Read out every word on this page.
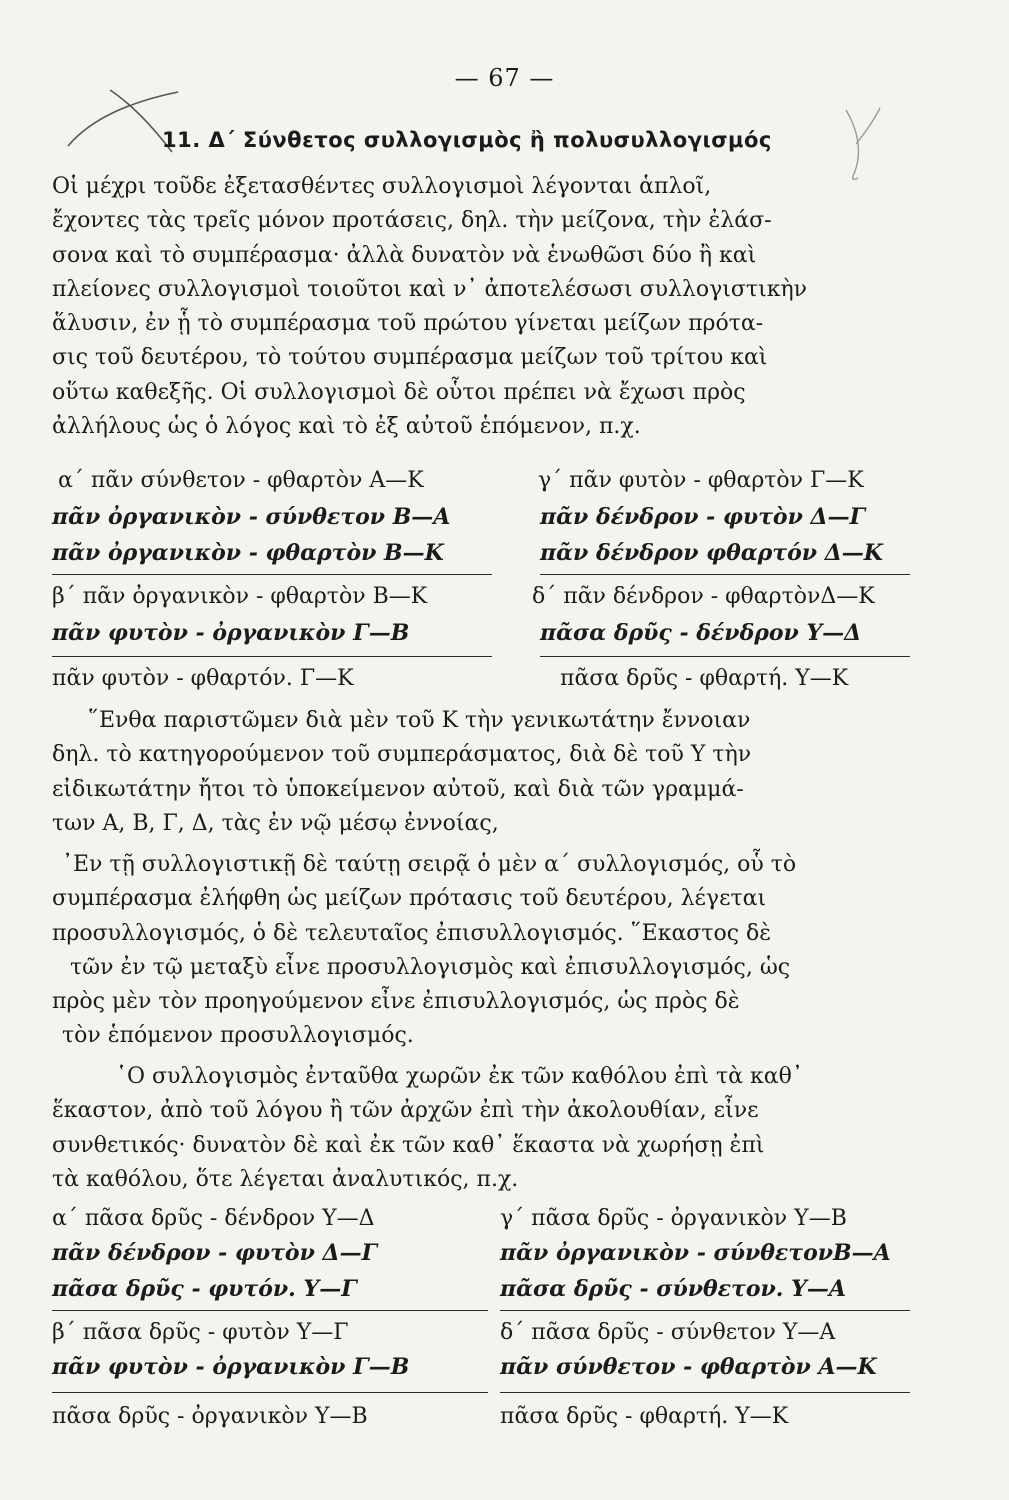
— 67 —
11. Δ΄ Σύνθετος συλλογισμὸς ἢ πολυσυλλογισμός
Οἱ μέχρι τοῦδε ἐξετασθέντες συλλογισμοὶ λέγονται ἁπλοῖ,
ἔχοντες τὰς τρεῖς μόνον προτάσεις, δηλ. τὴν μείζονα, τὴν ἐλάσ-
σονα καὶ τὸ συμπέρασμα· ἀλλὰ δυνατὸν νὰ ἑνωθῶσι δύο ἢ καὶ
πλείονες συλλογισμοὶ τοιοῦτοι καὶ ν᾿ ἀποτελέσωσι συλλογιστικὴν
ἅλυσιν, ἐν ᾗ τὸ συμπέρασμα τοῦ πρώτου γίνεται μείζων πρότα-
σις τοῦ δευτέρου, τὸ τούτου συμπέρασμα μείζων τοῦ τρίτου καὶ
οὕτω καθεξῆς. Οἱ συλλογισμοὶ δὲ οὗτοι πρέπει νὰ ἔχωσι πρὸς
ἀλλήλους ὡς ὁ λόγος καὶ τὸ ἐξ αὐτοῦ ἑπόμενον, π.χ.
α΄ πᾶν σύνθετον - φθαρτὸν Α—Κ
πᾶν ὀργανικὸν - σύνθετον Β—Α
πᾶν ὀργανικὸν - φθαρτὸν Β—Κ
γ΄ πᾶν φυτὸν - φθαρτὸν Γ—Κ
πᾶν δένδρον - φυτὸν Δ—Γ
πᾶν δένδρον φθαρτόν Δ—Κ
β΄ πᾶν ὀργανικὸν - φθαρτὸν Β—Κ
πᾶν φυτὸν - ὀργανικὸν Γ—Β
πᾶν φυτὸν - φθαρτόν. Γ—Κ
δ΄ πᾶν δένδρον - φθαρτὸνΔ—Κ
πᾶσα δρῦς - δένδρον Υ—Δ
πᾶσα δρῦς - φθαρτή. Υ—Κ
῞Ενθα παριστῶμεν διὰ μὲν τοῦ Κ τὴν γενικωτάτην ἔννοιαν
δηλ. τὸ κατηγορούμενον τοῦ συμπεράσματος, διὰ δὲ τοῦ Υ τὴν
εἰδικωτάτην ἤτοι τὸ ὑποκείμενον αὐτοῦ, καὶ διὰ τῶν γραμμά-
των Α, Β, Γ, Δ, τὰς ἐν νῷ μέσῳ ἐννοίας,
᾿Εν τῇ συλλογιστικῇ δὲ ταύτῃ σειρᾷ ὁ μὲν α΄ συλλογισμός, οὗ τὸ
συμπέρασμα ἐλήφθη ὡς μείζων πρότασις τοῦ δευτέρου, λέγεται
προσυλλογισμός, ὁ δὲ τελευταῖος ἐπισυλλογισμός. ῞Εκαστος δὲ
τῶν ἐν τῷ μεταξὺ εἶνε προσυλλογισμὸς καὶ ἐπισυλλογισμός, ὡς
πρὸς μὲν τὸν προηγούμενον εἶνε ἐπισυλλογισμός, ὡς πρὸς δὲ
τὸν ἑπόμενον προσυλλογισμός.
῾Ο συλλογισμὸς ἐνταῦθα χωρῶν ἐκ τῶν καθόλου ἐπὶ τὰ καθ᾿
ἕκαστον, ἀπὸ τοῦ λόγου ἢ τῶν ἀρχῶν ἐπὶ τὴν ἀκολουθίαν, εἶνε
συνθετικός· δυνατὸν δὲ καὶ ἐκ τῶν καθ᾿ ἕκαστα νὰ χωρήσῃ ἐπὶ
τὰ καθόλου, ὅτε λέγεται ἀναλυτικός, π.χ.
α΄ πᾶσα δρῦς - δένδρον Υ—Δ
πᾶν δένδρον - φυτὸν Δ—Γ
πᾶσα δρῦς - φυτόν. Υ—Γ
γ΄ πᾶσα δρῦς - ὀργανικὸν Υ—Β
πᾶν ὀργανικὸν - σύνθετονΒ—Α
πᾶσα δρῦς - σύνθετον. Υ—Α
β΄ πᾶσα δρῦς - φυτὸν Υ—Γ
πᾶν φυτὸν - ὀργανικὸν Γ—Β
πᾶσα δρῦς - ὀργανικὸν Υ—Β
δ΄ πᾶσα δρῦς - σύνθετον Υ—Α
πᾶν σύνθετον - φθαρτὸν Α—Κ
πᾶσα δρῦς - φθαρτή. Υ—Κ
